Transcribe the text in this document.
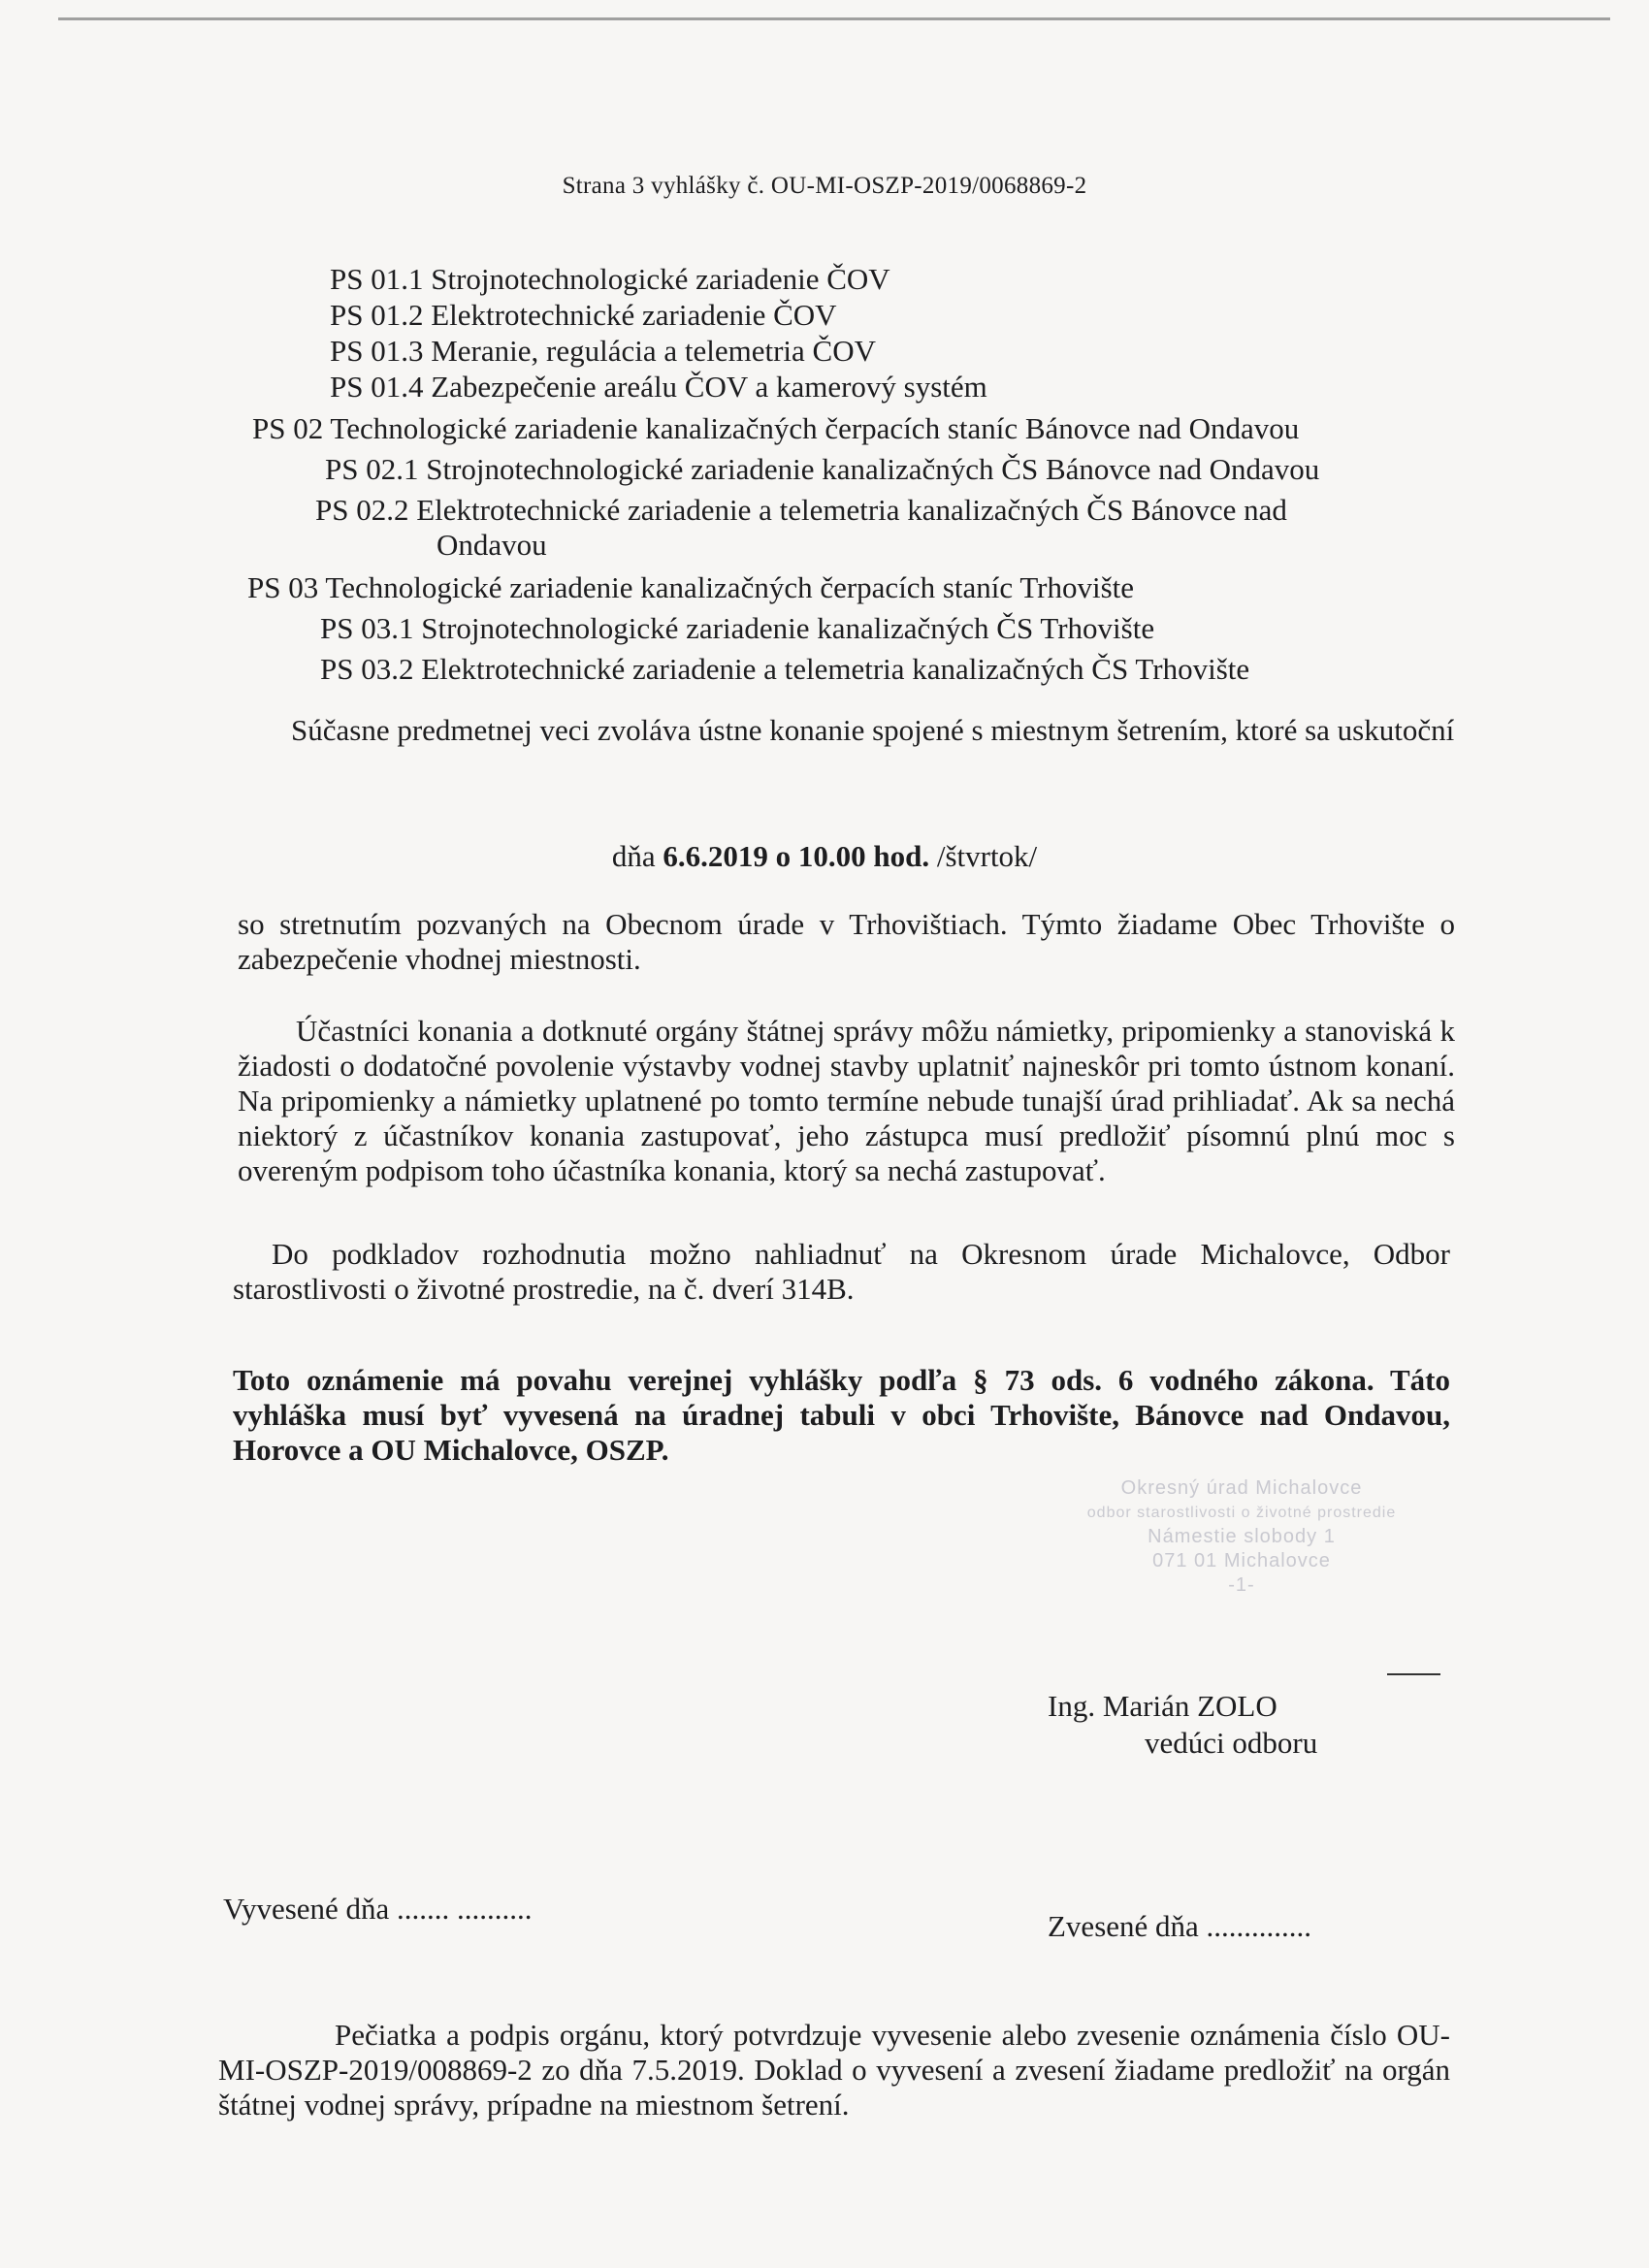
Strana 3 vyhlášky č. OU-MI-OSZP-2019/0068869-2
PS 01.1 Strojnotechnologické zariadenie ČOV
PS 01.2 Elektrotechnické zariadenie ČOV
PS 01.3 Meranie, regulácia a telemetria ČOV
PS 01.4 Zabezpečenie areálu ČOV a kamerový systém
PS 02 Technologické zariadenie kanalizačných čerpacích staníc Bánovce nad Ondavou
PS 02.1 Strojnotechnologické zariadenie kanalizačných ČS Bánovce nad Ondavou
PS 02.2 Elektrotechnické zariadenie a telemetria kanalizačných ČS Bánovce nad
Ondavou
PS 03 Technologické zariadenie kanalizačných čerpacích staníc Trhovište
PS 03.1 Strojnotechnologické zariadenie kanalizačných ČS Trhovište
PS 03.2 Elektrotechnické zariadenie a telemetria kanalizačných ČS Trhovište
Súčasne predmetnej veci zvoláva ústne konanie spojené s miestnym šetrením, ktoré sa uskutoční
dňa 6.6.2019 o 10.00 hod. /štvrtok/
so stretnutím pozvaných na Obecnom úrade v Trhovištiach. Týmto žiadame Obec Trhovište o zabezpečenie vhodnej miestnosti.
Účastníci konania a dotknuté orgány štátnej správy môžu námietky, pripomienky a stanoviská k žiadosti o dodatočné povolenie výstavby vodnej stavby uplatniť najneskôr pri tomto ústnom konaní. Na pripomienky a námietky uplatnené po tomto termíne nebude tunajší úrad prihliadať. Ak sa nechá niektorý z účastníkov konania zastupovať, jeho zástupca musí predložiť písomnú plnú moc s overeným podpisom toho účastníka konania, ktorý sa nechá zastupovať.
Do podkladov rozhodnutia možno nahliadnuť na Okresnom úrade Michalovce, Odbor starostlivosti o životné prostredie, na č. dverí 314B.
Toto oznámenie má povahu verejnej vyhlášky podľa § 73 ods. 6 vodného zákona. Táto vyhláška musí byť vyvesená na úradnej tabuli v obci Trhovište, Bánovce nad Ondavou, Horovce a OU Michalovce, OSZP.
Okresný úrad Michalovce
odbor starostlivosti o životné prostredie
Námestie slobody 1
071 01 Michalovce
-1-
Ing. Marián ZOLO
vedúci odboru
Vyvesené dňa ....... ..........
Zvesené dňa ..............
Pečiatka a podpis orgánu, ktorý potvrdzuje vyvesenie alebo zvesenie oznámenia číslo OU-MI-OSZP-2019/008869-2 zo dňa 7.5.2019. Doklad o vyvesení a zvesení žiadame predložiť na orgán štátnej vodnej správy, prípadne na miestnom šetrení.
